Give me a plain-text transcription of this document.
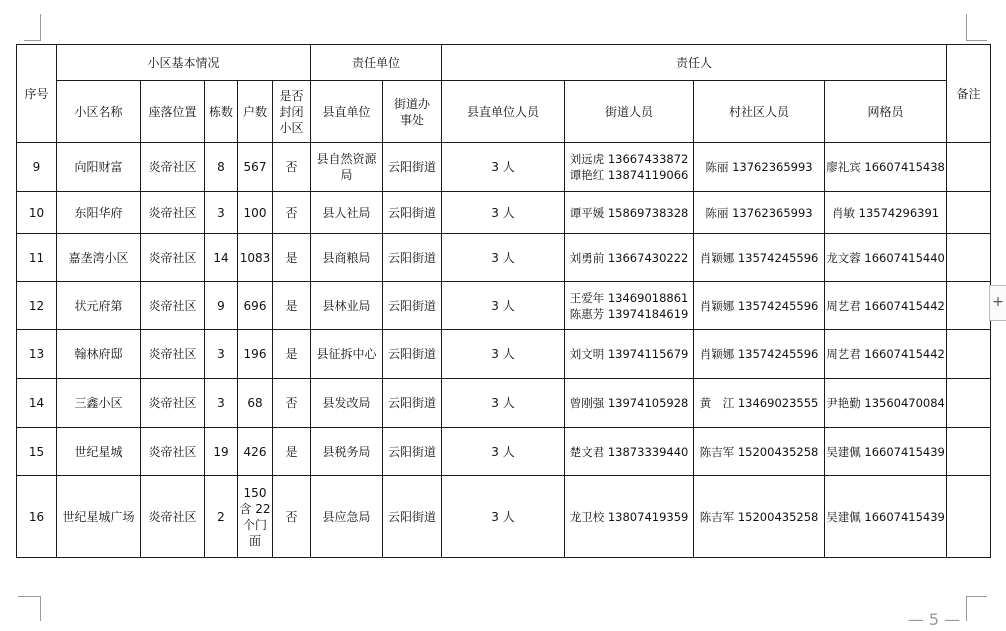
序号	小区基本情况					责任单位		责任人				备注
	小区名称	座落位置	栋数	户数	是否
封闭
小区	县直单位	街道办
事处	县直单位人员	街道人员	村社区人员	网格员	
9	向阳财富	炎帝社区	8	567	否	县自然资源
局	云阳街道	3 人	刘远虎 13667433872
谭艳红 13874119066	陈丽 13762365993	廖礼宾 16607415438	
10	东阳华府	炎帝社区	3	100	否	县人社局	云阳街道	3 人	谭平媛 15869738328	陈丽 13762365993	肖敏 13574296391	
11	嘉垄湾小区	炎帝社区	14	1083	是	县商粮局	云阳街道	3 人	刘勇前 13667430222	肖颖娜 13574245596	龙文蓉 16607415440	
12	状元府第	炎帝社区	9	696	是	县林业局	云阳街道	3 人	王爱年 13469018861
陈惠芳 13974184619	肖颖娜 13574245596	周艺君 16607415442	
13	翰林府邸	炎帝社区	3	196	是	县征拆中心	云阳街道	3 人	刘文明 13974115679	肖颖娜 13574245596	周艺君 16607415442	
14	三鑫小区	炎帝社区	3	68	否	县发改局	云阳街道	3 人	曾刚强 13974105928	黄　江 13469023555	尹艳勤 13560470084	
15	世纪星城	炎帝社区	19	426	是	县税务局	云阳街道	3 人	楚文君 13873339440	陈吉军 15200435258	吴建佩 16607415439	
16	世纪星城广场	炎帝社区	2	150
含 22
个门
面	否	县应急局	云阳街道	3 人	龙卫校 13807419359	陈吉军 15200435258	吴建佩 16607415439	
+
— 5 —
